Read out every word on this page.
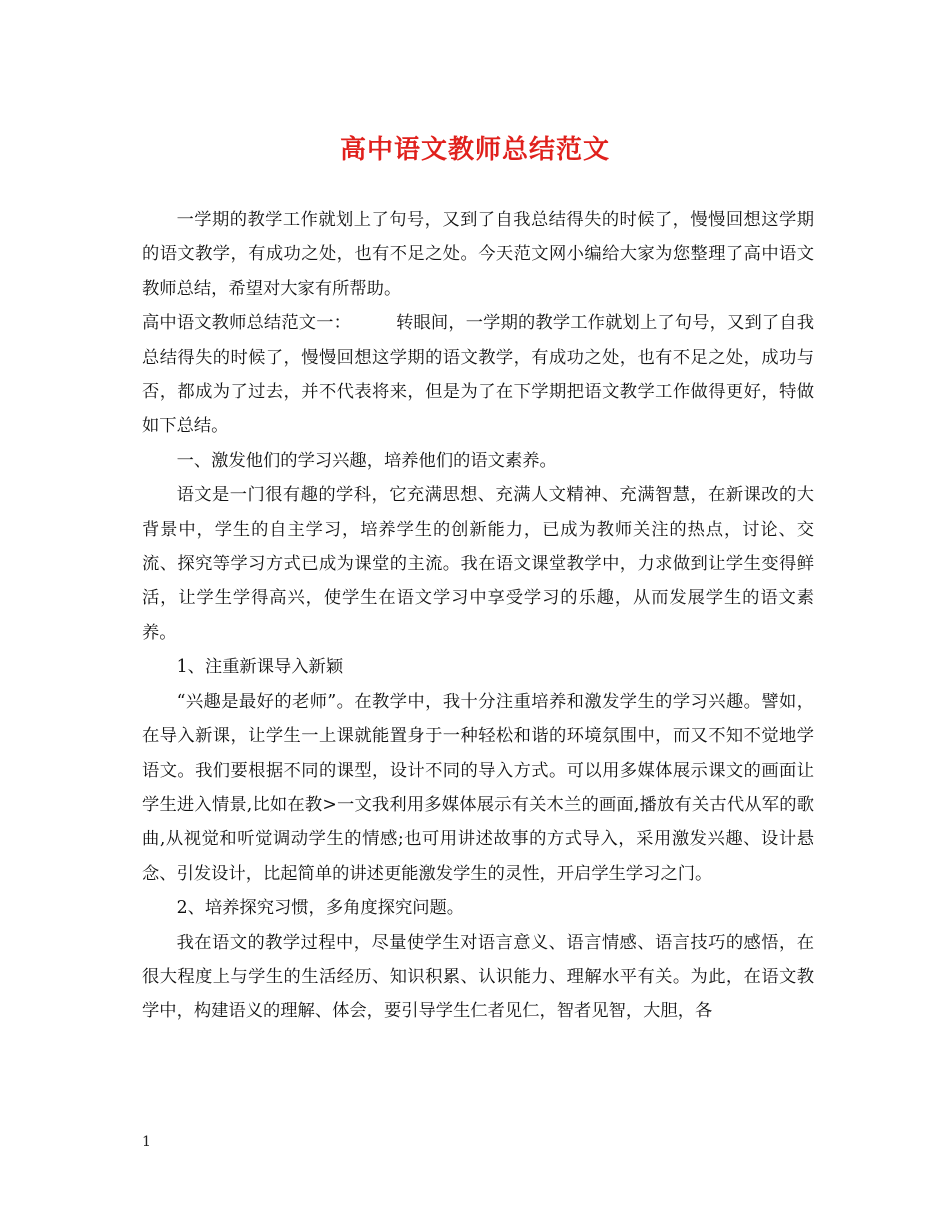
高中语文教师总结范文

一学期的教学工作就划上了句号，又到了自我总结得失的时候了，慢慢回想这学期的语文教学，有成功之处，也有不足之处。今天范文网小编给大家为您整理了高中语文教师总结，希望对大家有所帮助。

高中语文教师总结范文一：        转眼间，一学期的教学工作就划上了句号，又到了自我总结得失的时候了，慢慢回想这学期的语文教学，有成功之处，也有不足之处，成功与否，都成为了过去，并不代表将来，但是为了在下学期把语文教学工作做得更好，特做如下总结。

一、激发他们的学习兴趣，培养他们的语文素养。

语文是一门很有趣的学科，它充满思想、充满人文精神、充满智慧，在新课改的大背景中，学生的自主学习，培养学生的创新能力，已成为教师关注的热点，讨论、交流、探究等学习方式已成为课堂的主流。我在语文课堂教学中，力求做到让学生变得鲜活，让学生学得高兴，使学生在语文学习中享受学习的乐趣，从而发展学生的语文素养。

1、注重新课导入新颖

“兴趣是最好的老师”。在教学中，我十分注重培养和激发学生的学习兴趣。譬如，在导入新课，让学生一上课就能置身于一种轻松和谐的环境氛围中，而又不知不觉地学语文。我们要根据不同的课型，设计不同的导入方式。可以用多媒体展示课文的画面让学生进入情景,比如在教>一文我利用多媒体展示有关木兰的画面,播放有关古代从军的歌曲,从视觉和听觉调动学生的情感;也可用讲述故事的方式导入，采用激发兴趣、设计悬念、引发设计，比起简单的讲述更能激发学生的灵性，开启学生学习之门。

2、培养探究习惯，多角度探究问题。

我在语文的教学过程中，尽量使学生对语言意义、语言情感、语言技巧的感悟，在很大程度上与学生的生活经历、知识积累、认识能力、理解水平有关。为此，在语文教学中，构建语义的理解、体会，要引导学生仁者见仁，智者见智，大胆，各

1
